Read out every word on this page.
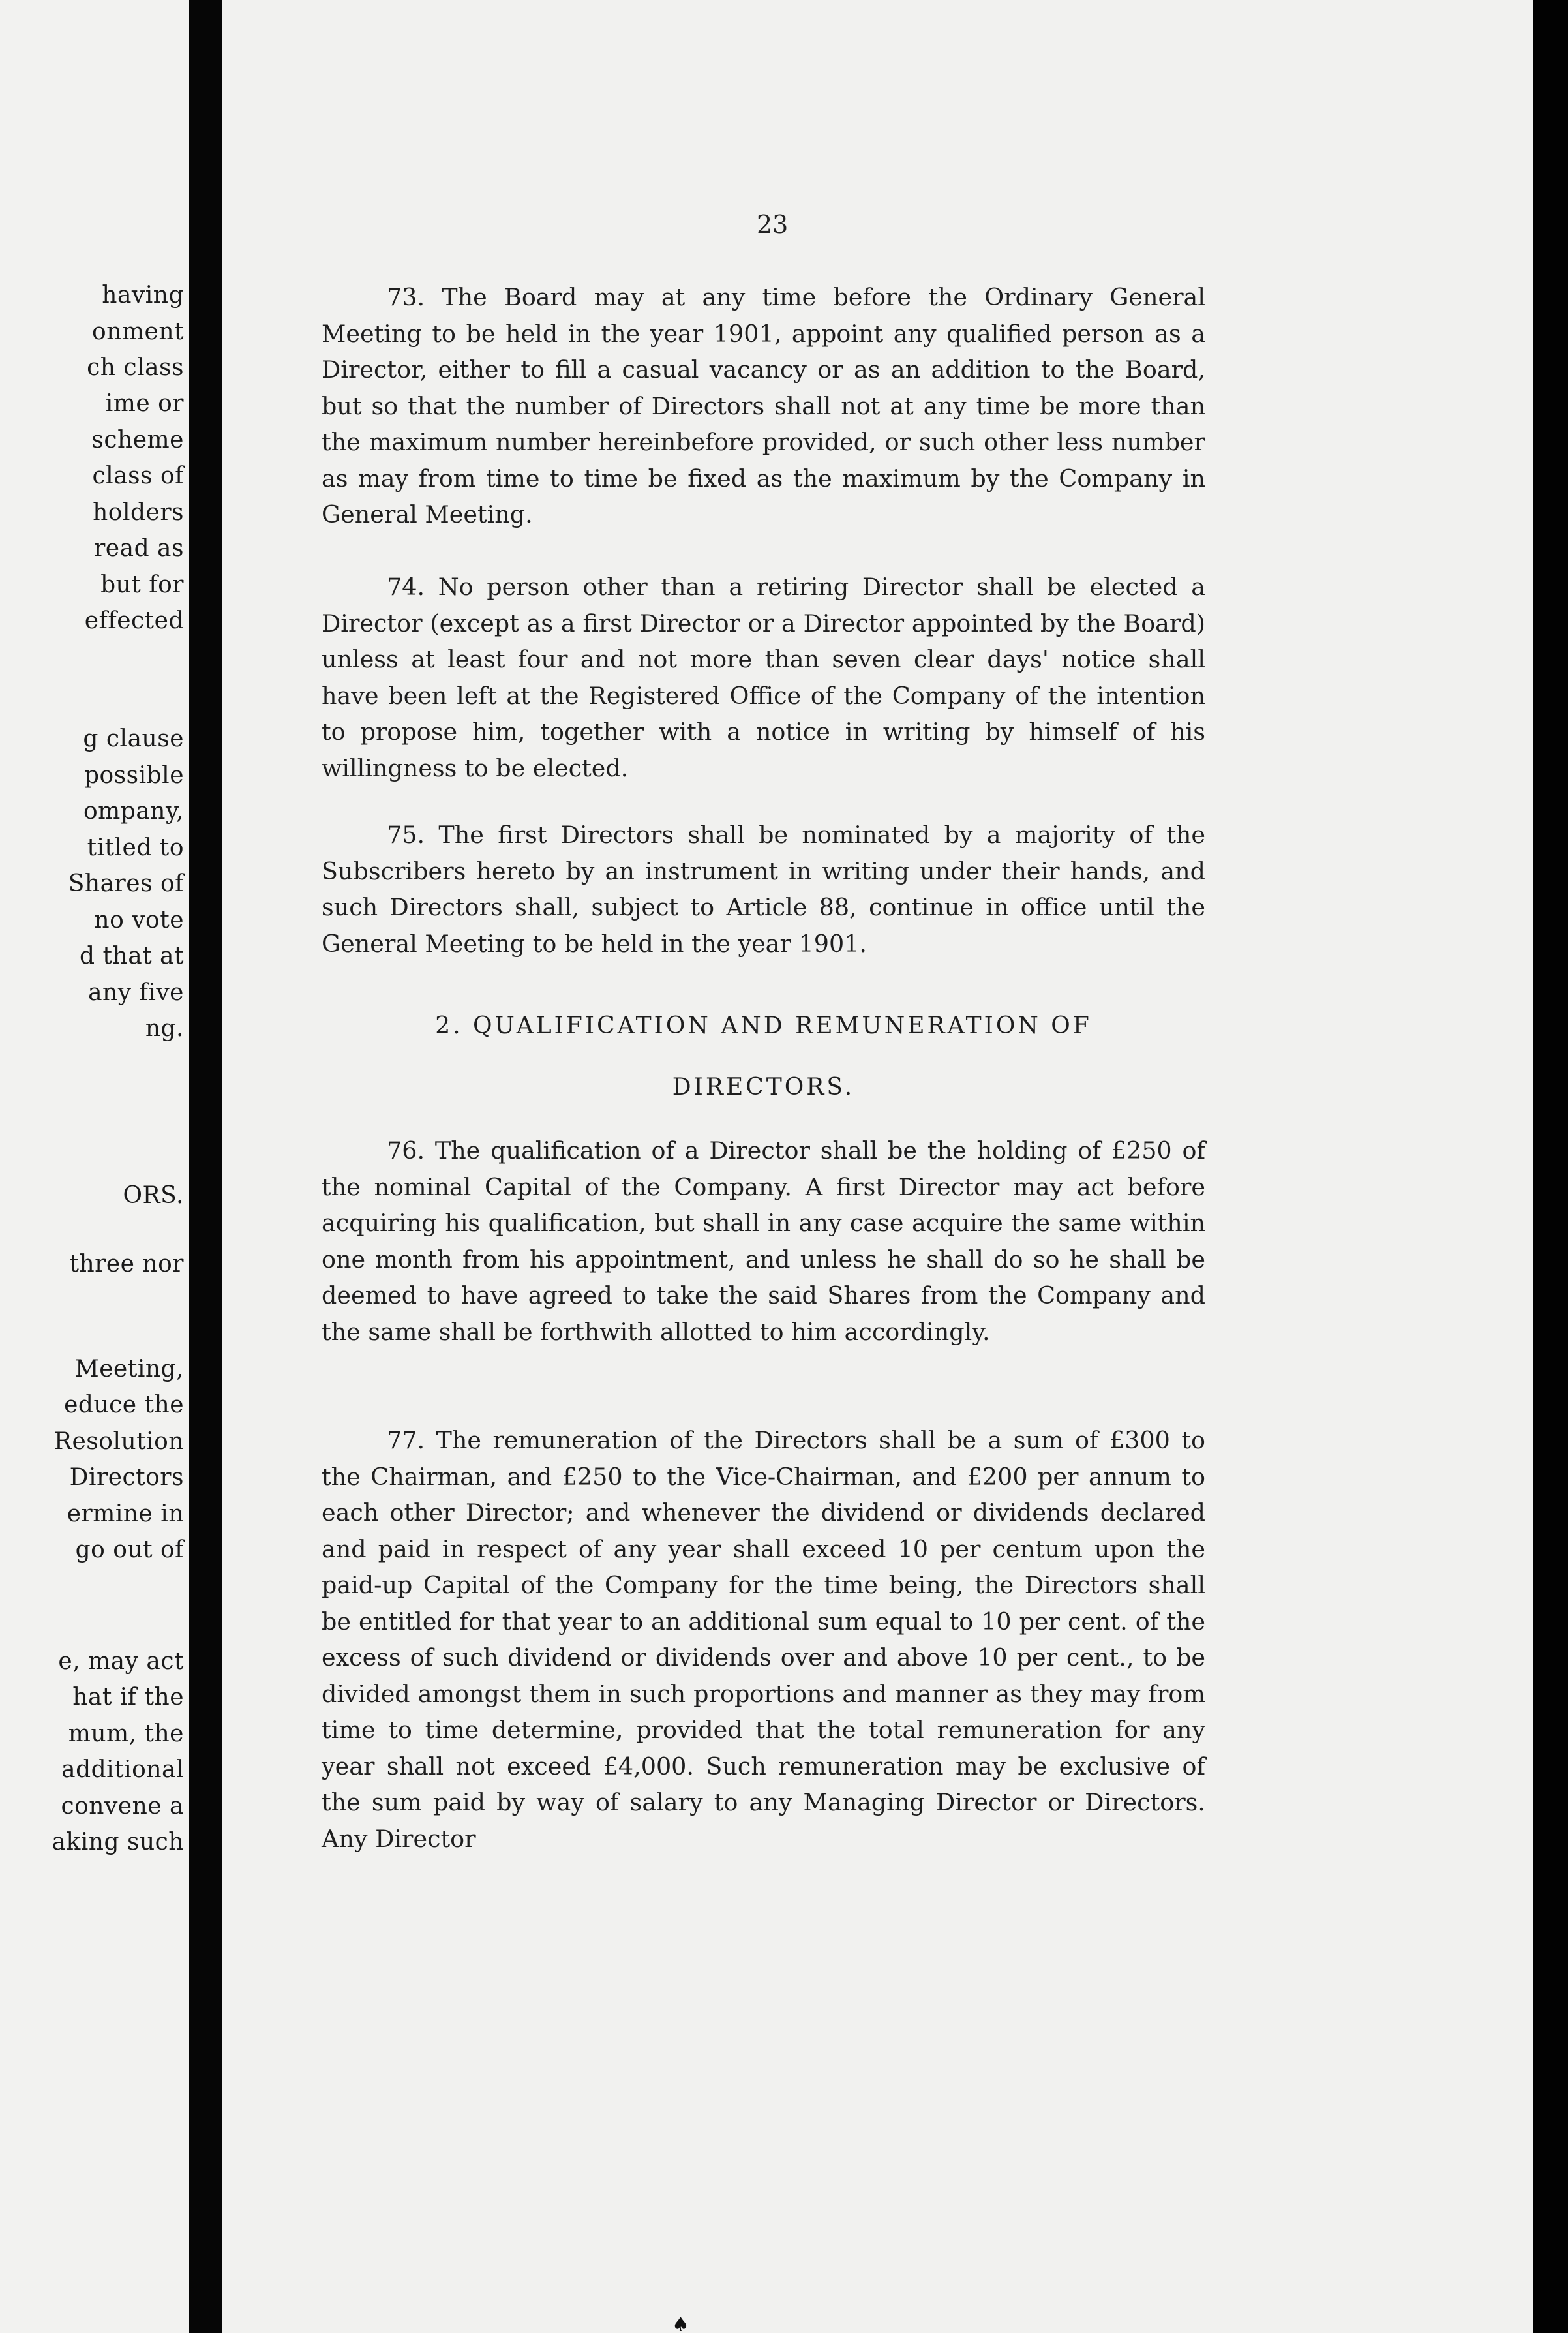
having
onment
ch class
ime or
scheme
class of
holders
read as
but for
effected
g clause
possible
ompany,
titled to
Shares of
no vote
d that at
any five
ng.
ORS.
three nor
Meeting,
educe the
Resolution
Directors
ermine in
go out of
e, may act
hat if the
mum, the
additional
convene a
aking such
23

73. The Board may at any time before the Ordinary General Meeting to be held in the year 1901, appoint any qualified person as a Director, either to fill a casual vacancy or as an addition to the Board, but so that the number of Directors shall not at any time be more than the maximum number hereinbefore provided, or such other less number as may from time to time be fixed as the maximum by the Company in General Meeting.

74. No person other than a retiring Director shall be elected a Director (except as a first Director or a Director appointed by the Board) unless at least four and not more than seven clear days' notice shall have been left at the Registered Office of the Company of the intention to propose him, together with a notice in writing by himself of his willingness to be elected.

75. The first Directors shall be nominated by a majority of the Subscribers hereto by an instrument in writing under their hands, and such Directors shall, subject to Article 88, continue in office until the General Meeting to be held in the year 1901.

2. QUALIFICATION AND REMUNERATION OF

DIRECTORS.

76. The qualification of a Director shall be the holding of £250 of the nominal Capital of the Company. A first Director may act before acquiring his qualification, but shall in any case acquire the same within one month from his appointment, and unless he shall do so he shall be deemed to have agreed to take the said Shares from the Company and the same shall be forthwith allotted to him accordingly.

77. The remuneration of the Directors shall be a sum of £300 to the Chairman, and £250 to the Vice-Chairman, and £200 per annum to each other Director; and whenever the dividend or dividends declared and paid in respect of any year shall exceed 10 per centum upon the paid-up Capital of the Company for the time being, the Directors shall be entitled for that year to an additional sum equal to 10 per cent. of the excess of such dividend or dividends over and above 10 per cent., to be divided amongst them in such proportions and manner as they may from time to time determine, provided that the total remuneration for any year shall not exceed £4,000. Such remuneration may be exclusive of the sum paid by way of salary to any Managing Director or Directors. Any Director

♠
